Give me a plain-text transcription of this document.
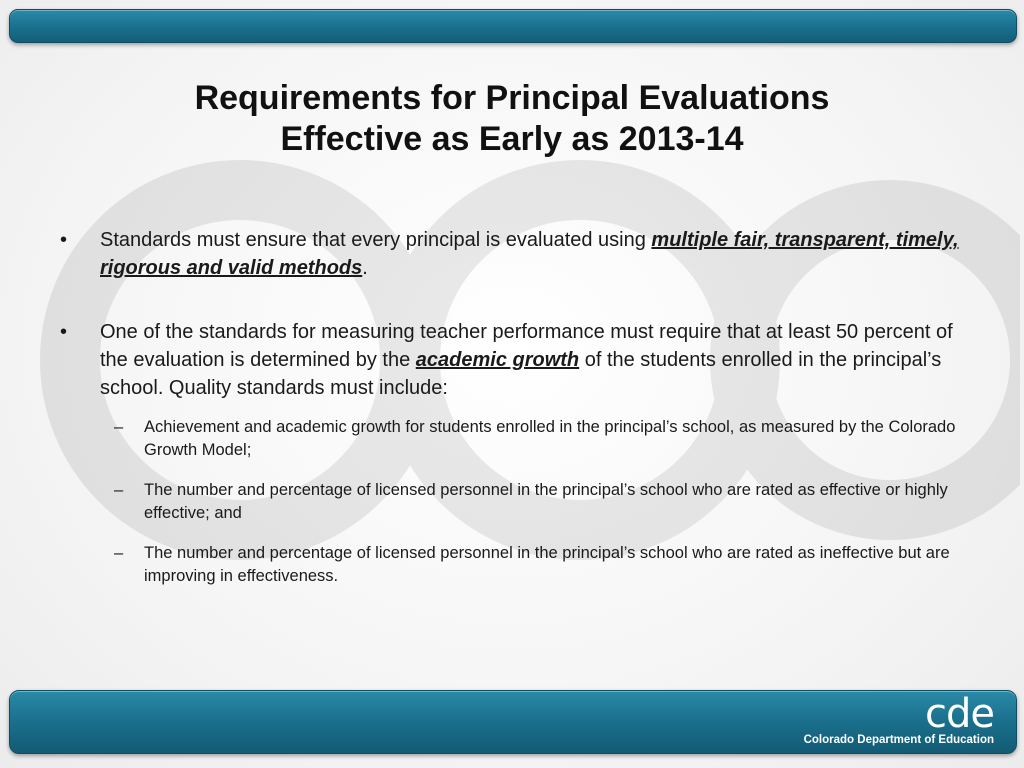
Requirements for Principal Evaluations
Effective as Early as 2013-14
•	Standards must ensure that every principal is evaluated using multiple fair, transparent, timely, rigorous and valid methods.
•	One of the standards for measuring teacher performance must require that at least 50 percent of the evaluation is determined by the academic growth of the students enrolled in the principal’s school. Quality standards must include:
– Achievement and academic growth for students enrolled in the principal’s school, as measured by the Colorado Growth Model;
– The number and percentage of licensed personnel in the principal’s school who are rated as effective or highly effective; and
– The number and percentage of licensed personnel in the principal’s school who are rated as ineffective but are improving in effectiveness.
cde
Colorado Department of Education
